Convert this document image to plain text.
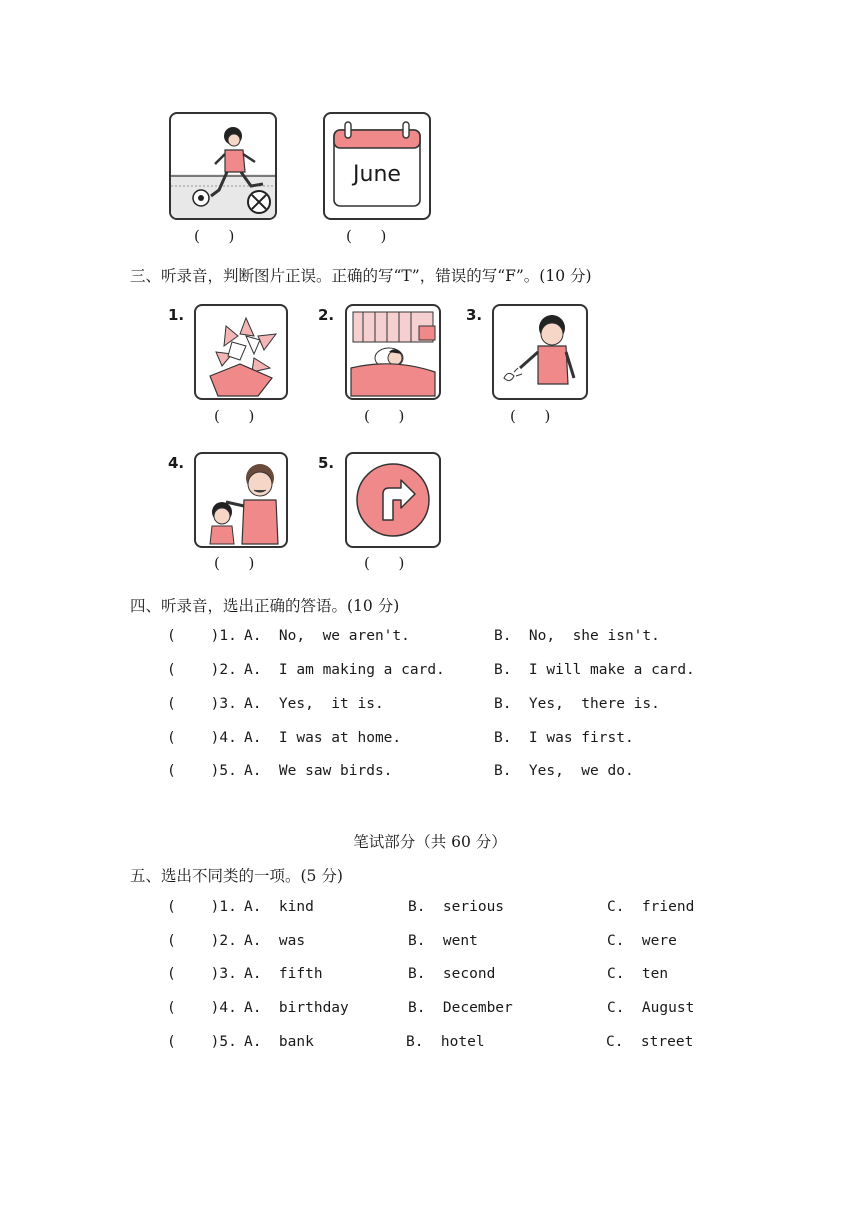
(      )
June
(      )
三、听录音，判断图片正误。正确的写“T”，错误的写“F”。(10 分)
1.
(      )
2.
(      )
3.
(      )
4.
(      )
5.
(      )
四、听录音，选出正确的答语。(10 分)
(    )1. A.  No,  we aren't.	B.  No,  she isn't.
(    )2. A.  I am making a card.	B.  I will make a card.
(    )3. A.  Yes,  it is.	B.  Yes,  there is.
(    )4. A.  I was at home.	B.  I was first.
(    )5. A.  We saw birds.	B.  Yes,  we do.
笔试部分（共 60 分）
五、选出不同类的一项。(5 分)
(    )1. A.  kind	B.  serious	C.  friend
(    )2. A.  was	B.  went	C.  were
(    )3. A.  fifth	B.  second	C.  ten
(    )4. A.  birthday	B.  December	C.  August
(    )5. A.  bank	B.  hotel	C.  street
